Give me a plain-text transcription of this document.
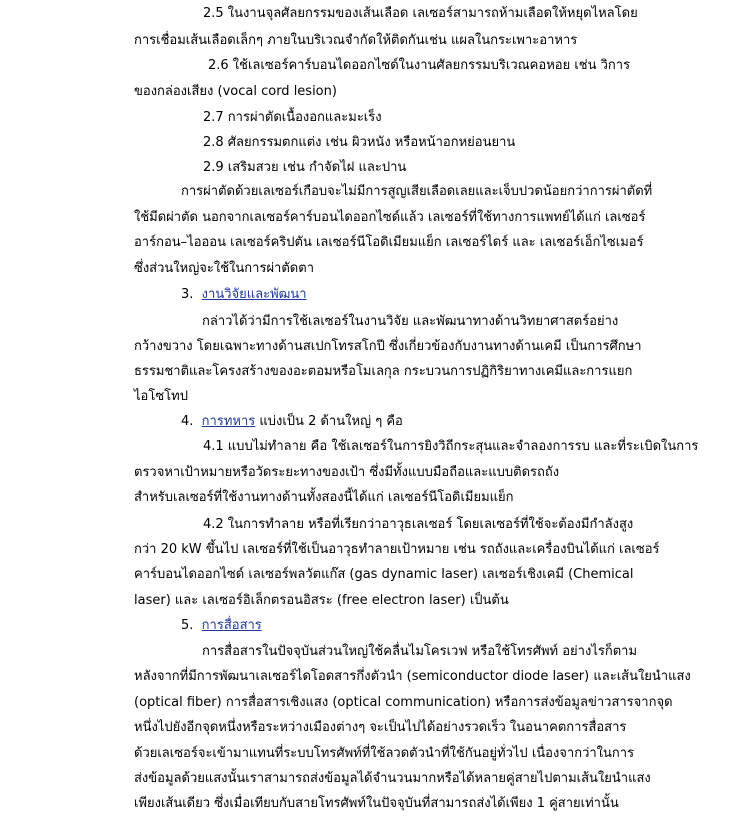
2.5 ในงานจุลศัลยกรรมของเส้นเลือด เลเซอร์สามารถห้ามเลือดให้หยุดไหลโดย
การเชื่อมเส้นเลือดเล็กๆ ภายในบริเวณจำกัดให้ติดกันเช่น แผลในกระเพาะอาหาร
2.6 ใช้เลเซอร์คาร์บอนไดออกไซด์ในงานศัลยกรรมบริเวณคอหอย เช่น วิการ
ของกล่องเสียง (vocal cord lesion)
2.7 การผ่าตัดเนื้องอกและมะเร็ง
2.8 ศัลยกรรมตกแต่ง เช่น ผิวหนัง หรือหน้าอกหย่อนยาน
2.9 เสริมสวย เช่น กำจัดไฝ และปาน
การผ่าตัดด้วยเลเซอร์เกือบจะไม่มีการสูญเสียเลือดเลยและเจ็บปวดน้อยกว่าการผ่าตัดที่
ใช้มีดผ่าตัด นอกจากเลเซอร์คาร์บอนไดออกไซด์แล้ว เลเซอร์ที่ใช้ทางการแพทย์ได้แก่ เลเซอร์
อาร์กอน–ไอออน เลเซอร์คริปตัน เลเซอร์นีโอดิเมียมแย็ก เลเซอร์ไดร์ และ เลเซอร์เอ็กไซเมอร์
ซึ่งส่วนใหญ่จะใช้ในการผ่าตัดตา
3. งานวิจัยและพัฒนา
กล่าวได้ว่ามีการใช้เลเซอร์ในงานวิจัย และพัฒนาทางด้านวิทยาศาสตร์อย่าง
กว้างขวาง โดยเฉพาะทางด้านสเปกโทรสโกปี ซึ่งเกี่ยวข้องกับงานทางด้านเคมี เป็นการศึกษา
ธรรมชาติและโครงสร้างของอะตอมหรือโมเลกุล กระบวนการปฏิกิริยาทางเคมีและการแยก
ไอโซโทป
4. การทหาร แบ่งเป็น 2 ด้านใหญ่ ๆ คือ
4.1 แบบไม่ทำลาย คือ ใช้เลเซอร์ในการยิงวิถีกระสุนและจำลองการรบ และที่ระเบิดในการ
ตรวจหาเป้าหมายหรือวัดระยะทางของเป้า ซึ่งมีทั้งแบบมือถือและแบบติดรถถัง
สำหรับเลเซอร์ที่ใช้งานทางด้านทั้งสองนี้ได้แก่ เลเซอร์นีโอดิเมียมแย็ก
4.2 ในการทำลาย หรือที่เรียกว่าอาวุธเลเซอร์ โดยเลเซอร์ที่ใช้จะต้องมีกำลังสูง
กว่า 20 kW ขึ้นไป เลเซอร์ที่ใช้เป็นอาวุธทำลายเป้าหมาย เช่น รถถังและเครื่องบินได้แก่ เลเซอร์
คาร์บอนไดออกไซด์ เลเซอร์พลวัตแก๊ส (gas dynamic laser) เลเซอร์เชิงเคมี (Chemical
laser) และ เลเซอร์อิเล็กตรอนอิสระ (free electron laser) เป็นต้น
5. การสื่อสาร
การสื่อสารในปัจจุบันส่วนใหญ่ใช้คลื่นไมโครเวฟ หรือใช้โทรศัพท์ อย่างไรก็ตาม
หลังจากที่มีการพัฒนาเลเซอร์ไดโอดสารกึ่งตัวนำ (semiconductor diode laser) และเส้นใยนำแสง
(optical fiber) การสื่อสารเชิงแสง (optical communication) หรือการส่งข้อมูลข่าวสารจากจุด
หนึ่งไปยังอีกจุดหนึ่งหรือระหว่างเมืองต่างๆ จะเป็นไปได้อย่างรวดเร็ว ในอนาคตการสื่อสาร
ด้วยเลเซอร์จะเข้ามาแทนที่ระบบโทรศัพท์ที่ใช้ลวดตัวนำที่ใช้กันอยู่ทั่วไป เนื่องจากว่าในการ
ส่งข้อมูลด้วยแสงนั้นเราสามารถส่งข้อมูลได้จำนวนมากหรือได้หลายคู่สายไปตามเส้นใยนำแสง
เพียงเส้นเดียว ซึ่งเมื่อเทียบกับสายโทรศัพท์ในปัจจุบันที่สามารถส่งได้เพียง 1 คู่สายเท่านั้น
